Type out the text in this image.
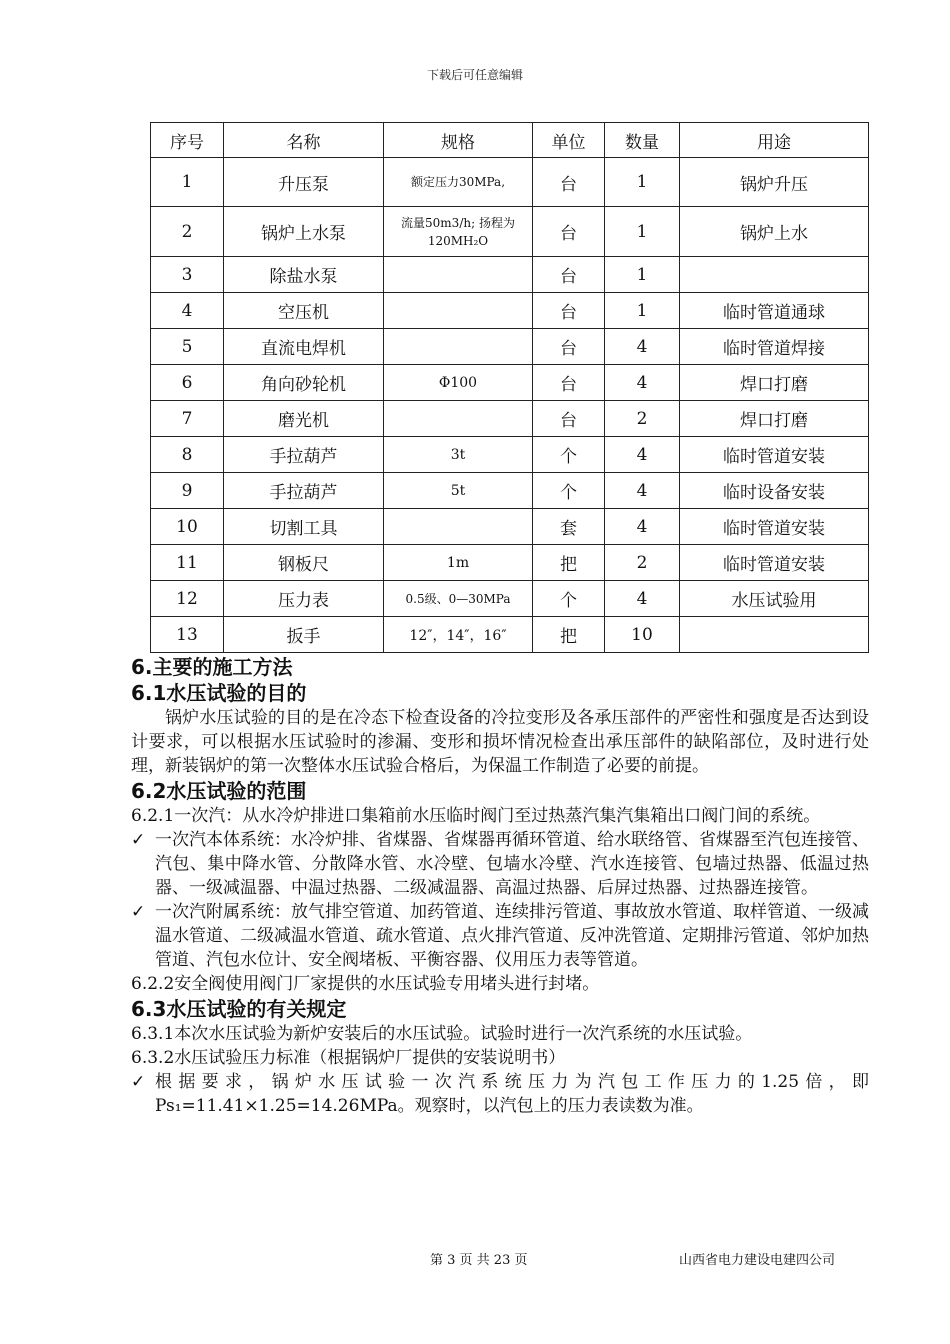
下载后可任意编辑
序号	名称	规格	单位	数量	用途
1	升压泵	额定压力30MPa,	台	1	锅炉升压
2	锅炉上水泵	流量50m3/h; 扬程为120MH₂O	台	1	锅炉上水
3	除盐水泵		台	1	
4	空压机		台	1	临时管道通球
5	直流电焊机		台	4	临时管道焊接
6	角向砂轮机	Φ100	台	4	焊口打磨
7	磨光机		台	2	焊口打磨
8	手拉葫芦	3t	个	4	临时管道安装
9	手拉葫芦	5t	个	4	临时设备安装
10	切割工具		套	4	临时管道安装
11	钢板尺	1m	把	2	临时管道安装
12	压力表	0.5级、0—30MPa	个	4	水压试验用
13	扳手	12″，14″，16″	把	10	
6.主要的施工方法
6.1水压试验的目的

锅炉水压试验的目的是在冷态下检查设备的冷拉变形及各承压部件的严密性和强度是否达到设计要求，可以根据水压试验时的渗漏、变形和损坏情况检查出承压部件的缺陷部位，及时进行处理，新装锅炉的第一次整体水压试验合格后，为保温工作制造了必要的前提。

6.2水压试验的范围

6.2.1一次汽：从水冷炉排进口集箱前水压临时阀门至过热蒸汽集汽集箱出口阀门间的系统。

✓ 一次汽本体系统：水冷炉排、省煤器、省煤器再循环管道、给水联络管、省煤器至汽包连接管、汽包、集中降水管、分散降水管、水冷壁、包墙水冷壁、汽水连接管、包墙过热器、低温过热器、一级减温器、中温过热器、二级减温器、高温过热器、后屏过热器、过热器连接管。

✓ 一次汽附属系统：放气排空管道、加药管道、连续排污管道、事故放水管道、取样管道、一级减温水管道、二级减温水管道、疏水管道、点火排汽管道、反冲洗管道、定期排污管道、邻炉加热管道、汽包水位计、安全阀堵板、平衡容器、仪用压力表等管道。

6.2.2安全阀使用阀门厂家提供的水压试验专用堵头进行封堵。

6.3水压试验的有关规定

6.3.1本次水压试验为新炉安装后的水压试验。试验时进行一次汽系统的水压试验。

6.3.2水压试验压力标准（根据锅炉厂提供的安装说明书）

✓ 根据要求，锅炉水压试验一次汽系统压力为汽包工作压力的1.25倍，即Ps₁=11.41×1.25=14.26MPa。观察时，以汽包上的压力表读数为准。

第 3 页 共 23 页	山西省电力建设电建四公司
